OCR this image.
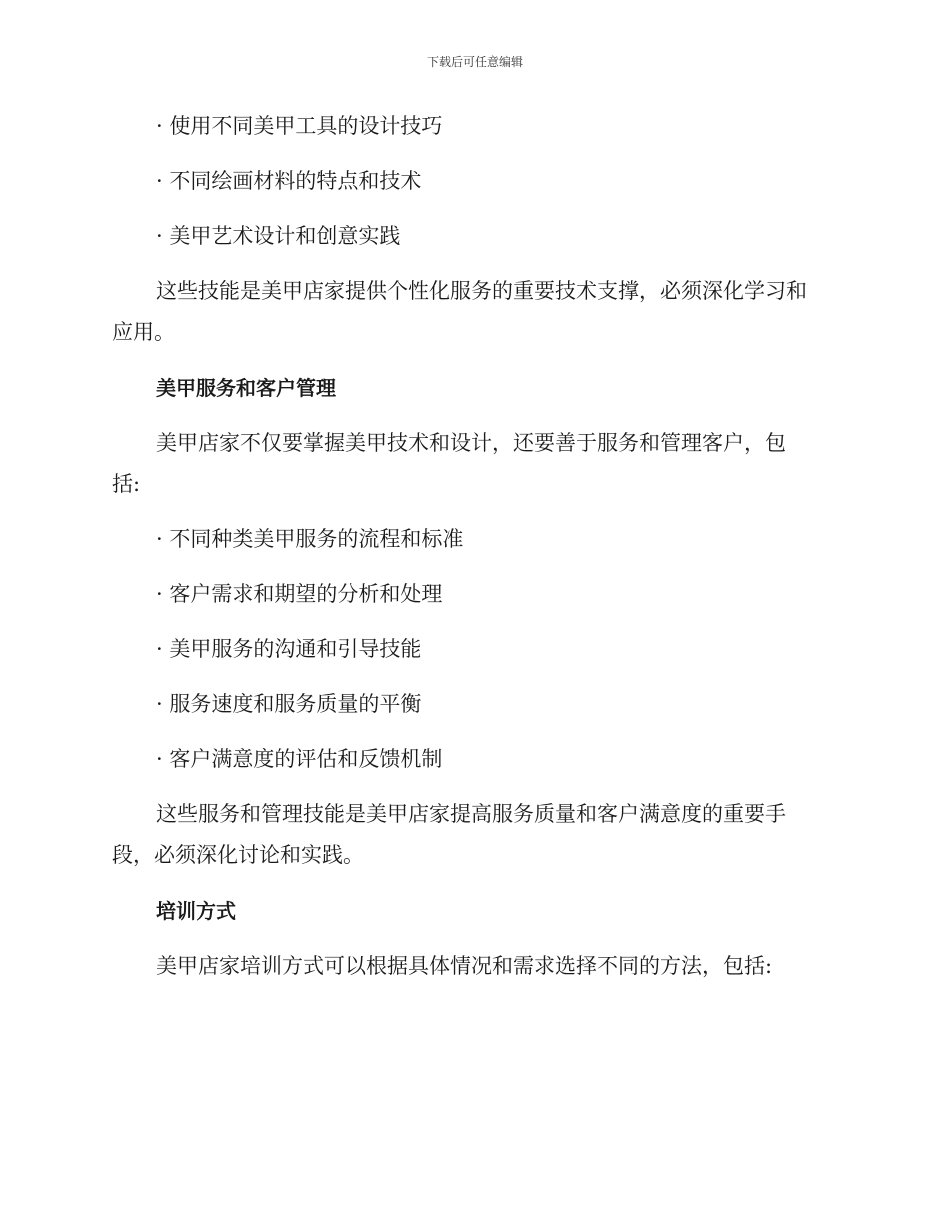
下载后可任意编辑
· 使用不同美甲工具的设计技巧
· 不同绘画材料的特点和技术
· 美甲艺术设计和创意实践
这些技能是美甲店家提供个性化服务的重要技术支撑，必须深化学习和
应用。
美甲服务和客户管理
美甲店家不仅要掌握美甲技术和设计，还要善于服务和管理客户，包
括:
· 不同种类美甲服务的流程和标准
· 客户需求和期望的分析和处理
· 美甲服务的沟通和引导技能
· 服务速度和服务质量的平衡
· 客户满意度的评估和反馈机制
这些服务和管理技能是美甲店家提高服务质量和客户满意度的重要手
段，必须深化讨论和实践。
培训方式
美甲店家培训方式可以根据具体情况和需求选择不同的方法，包括:
